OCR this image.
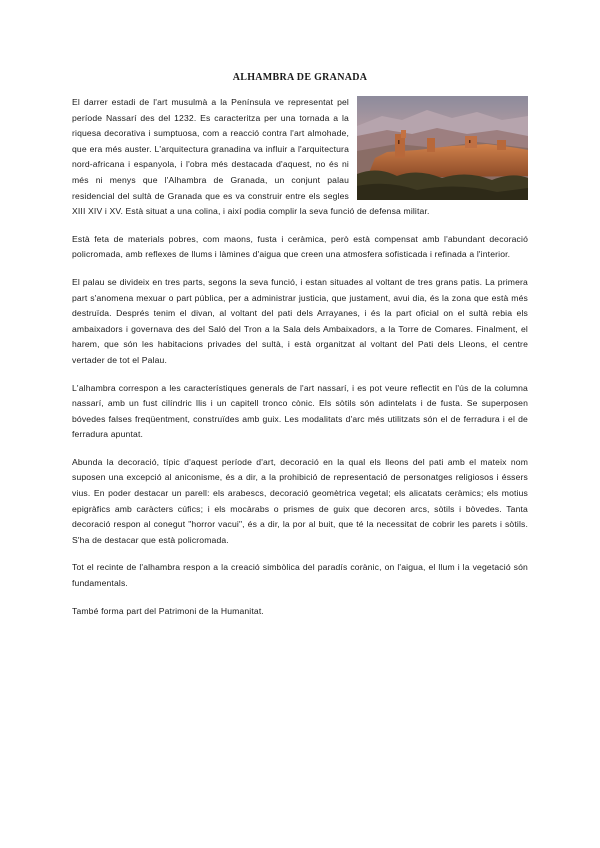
ALHAMBRA DE GRANADA

El darrer estadi de l'art musulmà a la Península ve representat pel període Nassarí des del 1232. Es caracteritza per una tornada a la riquesa decorativa i sumptuosa, com a reacció contra l'art almohade, que era més auster. L'arquitectura granadina va influir a l'arquitectura nord-africana i espanyola, i l'obra més destacada d'aquest, no és ni més ni menys que l'Alhambra de Granada, un conjunt palau residencial del sultà de Granada que es va construir entre els segles XIII XIV i XV. Està situat a una colina, i així podia complir la seva funció de defensa militar.

Està feta de materials pobres, com maons, fusta i ceràmica, però està compensat amb l'abundant decoració policromada, amb reflexes de llums i làmines d'aigua que creen una atmosfera sofisticada i refinada a l'interior.

El palau se divideix en tres parts, segons la seva funció, i estan situades al voltant de tres grans patis. La primera part s'anomena mexuar o part pública, per a administrar justicia, que justament, avui dia, és la zona que està més destruïda. Després tenim el divan, al voltant del pati dels Arrayanes, i és la part oficial on el sultà rebia els ambaixadors i governava des del Saló del Tron a la Sala dels Ambaixadors, a la Torre de Comares. Finalment, el harem, que són les habitacions privades del sultà, i està organitzat al voltant del Pati dels Lleons, el centre vertader de tot el Palau.

L'alhambra correspon a les característiques generals de l'art nassarí, i es pot veure reflectit en l'ús de la columna nassarí, amb un fust cilíndric llis i un capitell tronco cònic. Els sòtils són adintelats i de fusta. Se superposen bóvedes falses freqüentment, construïdes amb guix. Les modalitats d'arc més utilitzats són el de ferradura i el de ferradura apuntat.

Abunda la decoració, típic d'aquest període d'art, decoració en la qual els lleons del pati amb el mateix nom suposen una excepció al aniconisme, és a dir, a la prohibició de representació de personatges religiosos i éssers vius. En poder destacar un parell: els arabescs, decoració geomètrica vegetal; els alicatats ceràmics; els motius epigràfics amb caràcters cúfics; i els mocàrabs o prismes de guix que decoren arcs, sòtils i bòvedes. Tanta decoració respon al conegut "horror vacui", és a dir, la por al buit, que té la necessitat de cobrir les parets i sòtils. S'ha de destacar que està policromada.

Tot el recinte de l'alhambra respon a la creació simbòlica del paradís corànic, on l'aigua, el llum i la vegetació són fundamentals.

També forma part del Patrimoni de la Humanitat.
